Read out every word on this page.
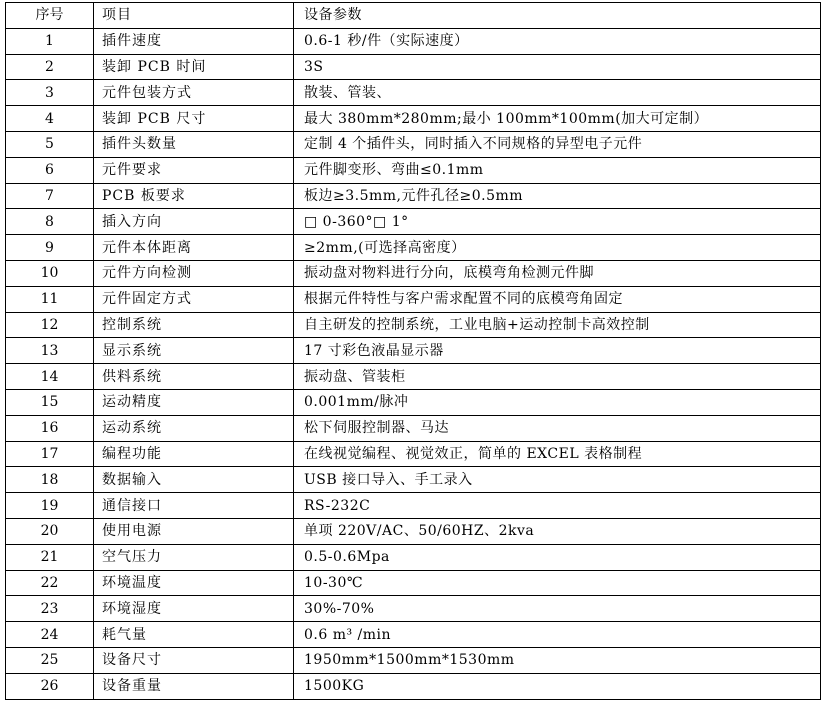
序号	项目	设备参数
1	插件速度	0.6-1 秒/件（实际速度）
2	装卸 PCB 时间	3S
3	元件包装方式	散装、管装、
4	装卸 PCB 尺寸	最大 380mm*280mm;最小 100mm*100mm(加大可定制）
5	插件头数量	定制 4 个插件头，同时插入不同规格的异型电子元件
6	元件要求	元件脚变形、弯曲≤0.1mm
7	PCB 板要求	板边≥3.5mm,元件孔径≥0.5mm
8	插入方向	□ 0-360°□ 1°
9	元件本体距离	≥2mm,(可选择高密度）
10	元件方向检测	振动盘对物料进行分向，底模弯角检测元件脚
11	元件固定方式	根据元件特性与客户需求配置不同的底模弯角固定
12	控制系统	自主研发的控制系统，工业电脑+运动控制卡高效控制
13	显示系统	17 寸彩色液晶显示器
14	供料系统	振动盘、管装柜
15	运动精度	0.001mm/脉冲
16	运动系统	松下伺服控制器、马达
17	编程功能	在线视觉编程、视觉效正，简单的 EXCEL 表格制程
18	数据输入	USB 接口导入、手工录入
19	通信接口	RS-232C
20	使用电源	单项 220V/AC、50/60HZ、2kva
21	空气压力	0.5-0.6Mpa
22	环境温度	10-30℃
23	环境湿度	30%-70%
24	耗气量	0.6 m³ /min
25	设备尺寸	1950mm*1500mm*1530mm
26	设备重量	1500KG
